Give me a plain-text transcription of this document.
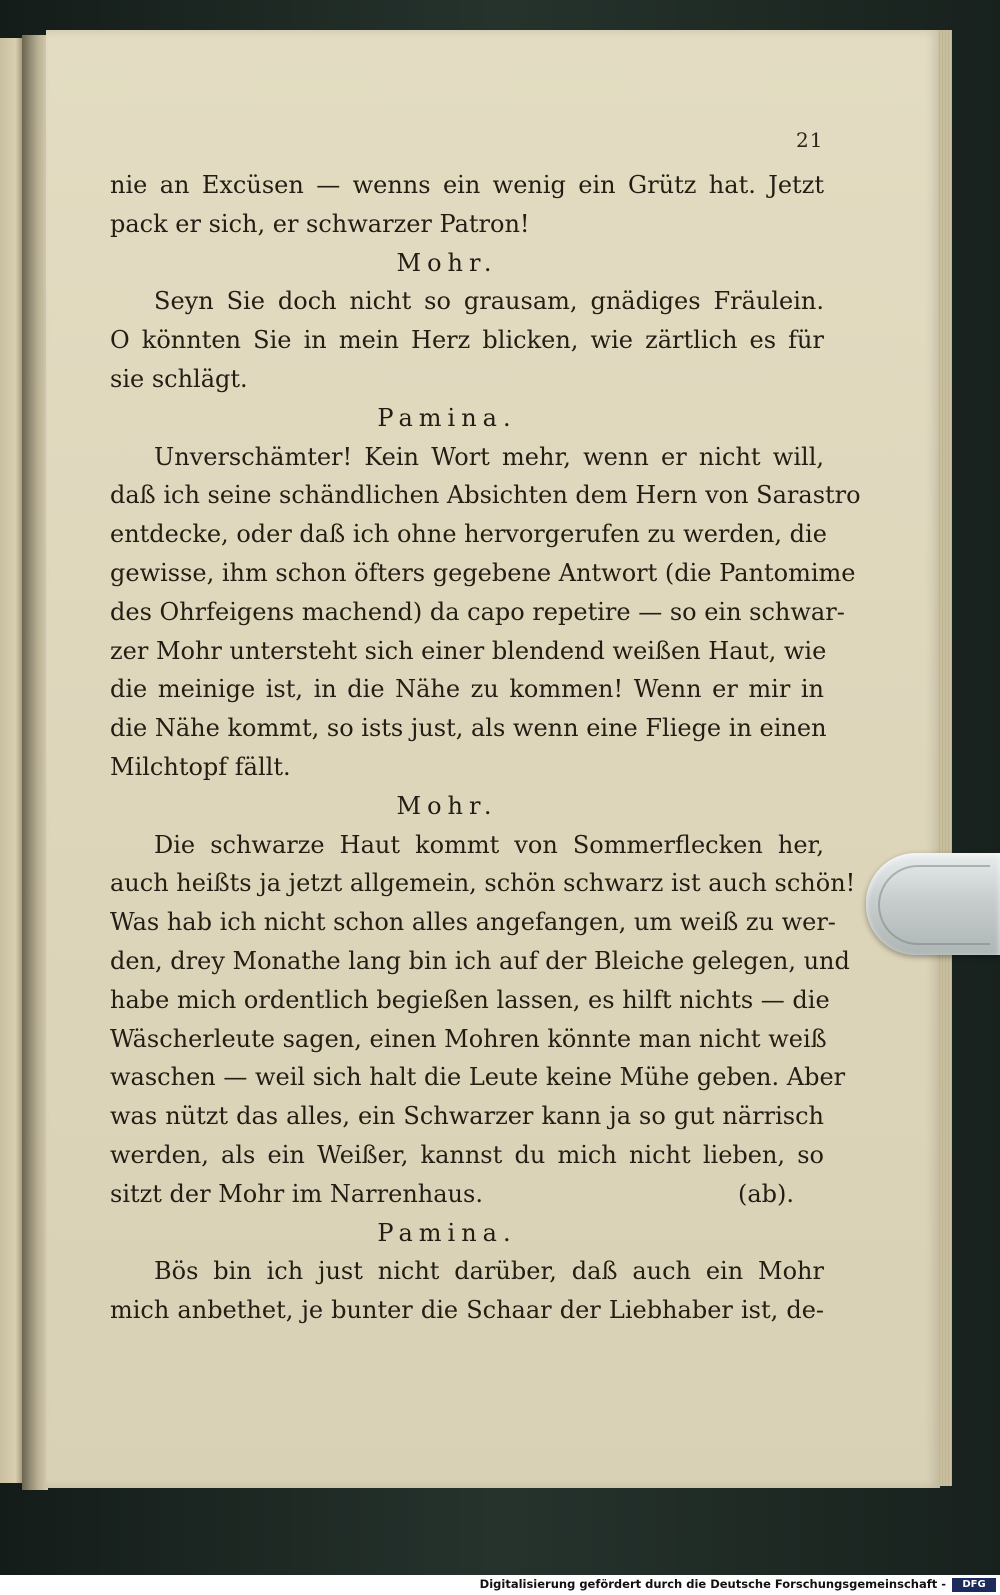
21
nie an Excüsen — wenns ein wenig ein Grütz hat. Jetzt
pack er sich, er schwarzer Patron!
Mohr.
Seyn Sie doch nicht so grausam, gnädiges Fräulein.
O könnten Sie in mein Herz blicken, wie zärtlich es für
sie schlägt.
Pamina.
Unverschämter! Kein Wort mehr, wenn er nicht will,
daß ich seine schändlichen Absichten dem Hern von Sarastro
entdecke, oder daß ich ohne hervorgerufen zu werden, die
gewisse, ihm schon öfters gegebene Antwort (die Pantomime
des Ohrfeigens machend) da capo repetire — so ein schwar-
zer Mohr untersteht sich einer blendend weißen Haut, wie
die meinige ist, in die Nähe zu kommen! Wenn er mir in
die Nähe kommt, so ists just, als wenn eine Fliege in einen
Milchtopf fällt.
Mohr.
Die schwarze Haut kommt von Sommerflecken her,
auch heißts ja jetzt allgemein, schön schwarz ist auch schön!
Was hab ich nicht schon alles angefangen, um weiß zu wer-
den, drey Monathe lang bin ich auf der Bleiche gelegen, und
habe mich ordentlich begießen lassen, es hilft nichts — die
Wäscherleute sagen, einen Mohren könnte man nicht weiß
waschen — weil sich halt die Leute keine Mühe geben. Aber
was nützt das alles, ein Schwarzer kann ja so gut närrisch
werden, als ein Weißer, kannst du mich nicht lieben, so
sitzt der Mohr im Narrenhaus.	(ab).
Pamina.
Bös bin ich just nicht darüber, daß auch ein Mohr
mich anbethet, je bunter die Schaar der Liebhaber ist, de-
Digitalisierung gefördert durch die Deutsche Forschungsgemeinschaft -	DFG
